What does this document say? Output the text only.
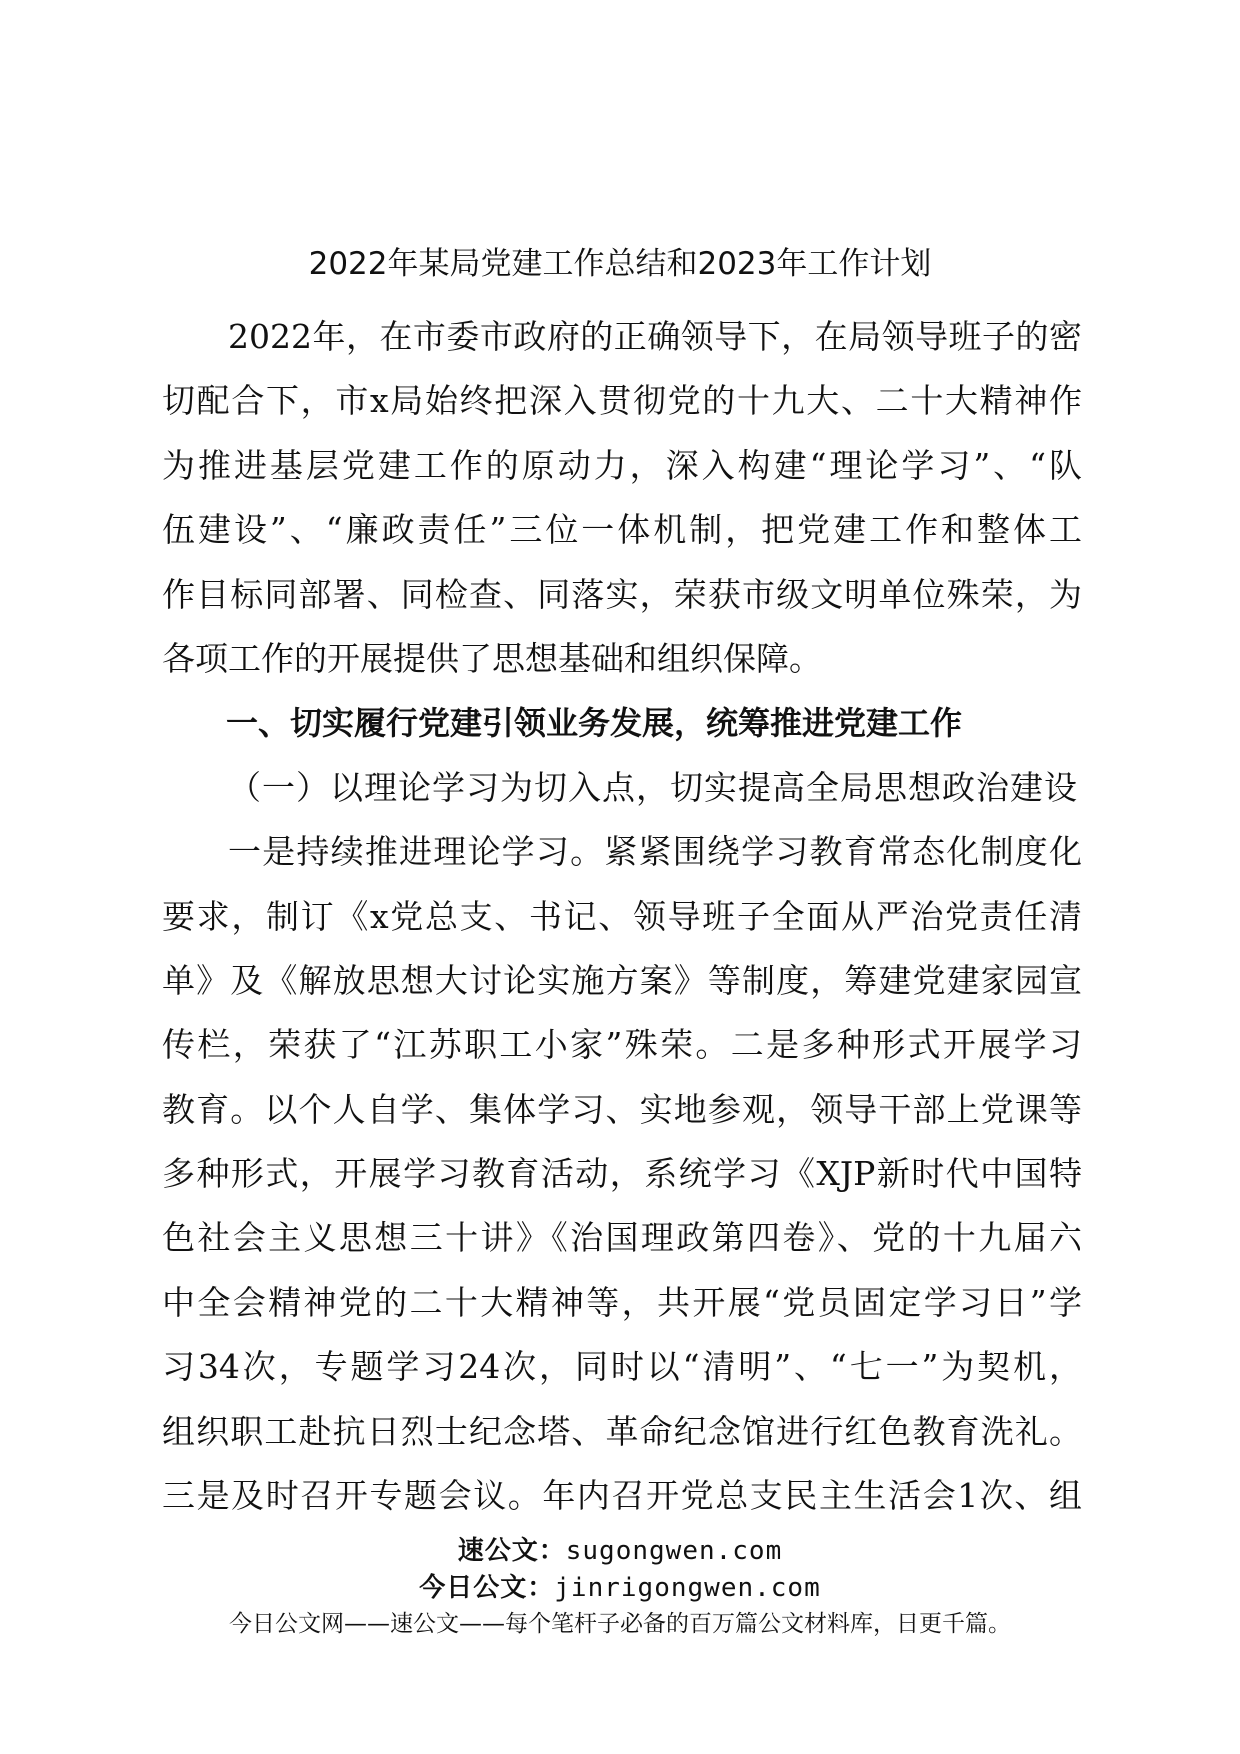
2022年某局党建工作总结和2023年工作计划

2022年，在市委市政府的正确领导下，在局领导班子的密

切配合下，市x局始终把深入贯彻党的十九大、二十大精神作

为推进基层党建工作的原动力，深入构建“理论学习”、“队

伍建设”、“廉政责任”三位一体机制，把党建工作和整体工

作目标同部署、同检查、同落实，荣获市级文明单位殊荣，为

各项工作的开展提供了思想基础和组织保障。

一、切实履行党建引领业务发展，统筹推进党建工作

（一）以理论学习为切入点，切实提高全局思想政治建设

一是持续推进理论学习。紧紧围绕学习教育常态化制度化

要求，制订《x党总支、书记、领导班子全面从严治党责任清

单》及《解放思想大讨论实施方案》等制度，筹建党建家园宣

传栏，荣获了“江苏职工小家”殊荣。二是多种形式开展学习

教育。以个人自学、集体学习、实地参观，领导干部上党课等

多种形式，开展学习教育活动，系统学习《XJP新时代中国特

色社会主义思想三十讲》《治国理政第四卷》、党的十九届六

中全会精神党的二十大精神等，共开展“党员固定学习日”学

习34次，专题学习24次，同时以“清明”、“七一”为契机，

组织职工赴抗日烈士纪念塔、革命纪念馆进行红色教育洗礼。

三是及时召开专题会议。年内召开党总支民主生活会1次、组

速公文：sugongwen.com

今日公文：jinrigongwen.com

今日公文网——速公文——每个笔杆子必备的百万篇公文材料库，日更千篇。
